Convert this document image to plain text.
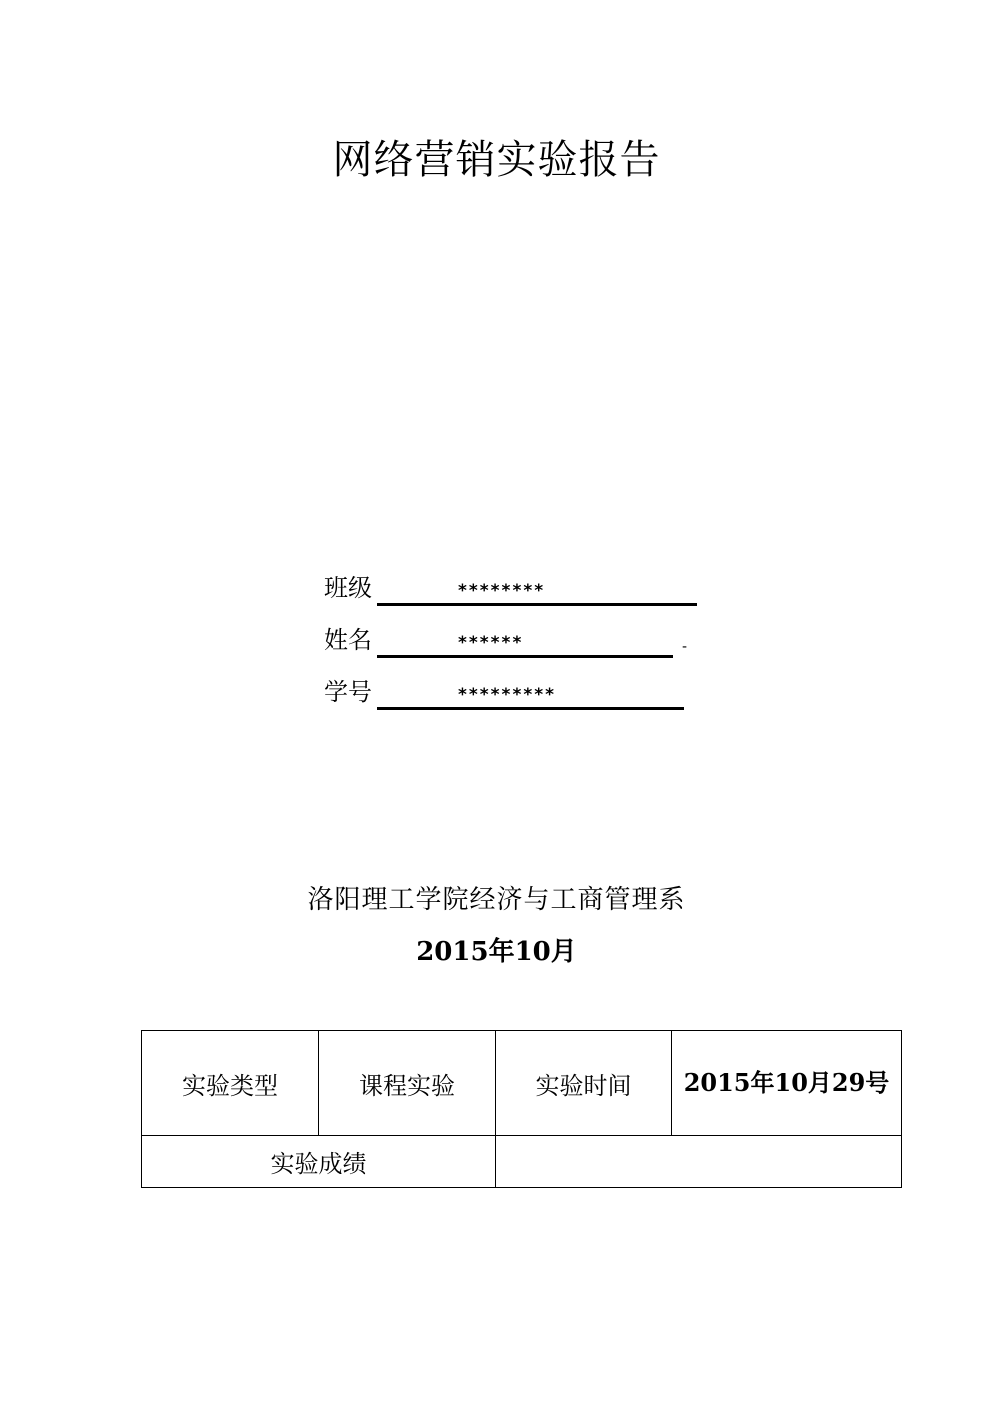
网络营销实验报告
班级	********
姓名	******	-
学号	*********
洛阳理工学院经济与工商管理系
2015年10月
实验类型	课程实验	实验时间	2015年10月29号

实验成绩			
